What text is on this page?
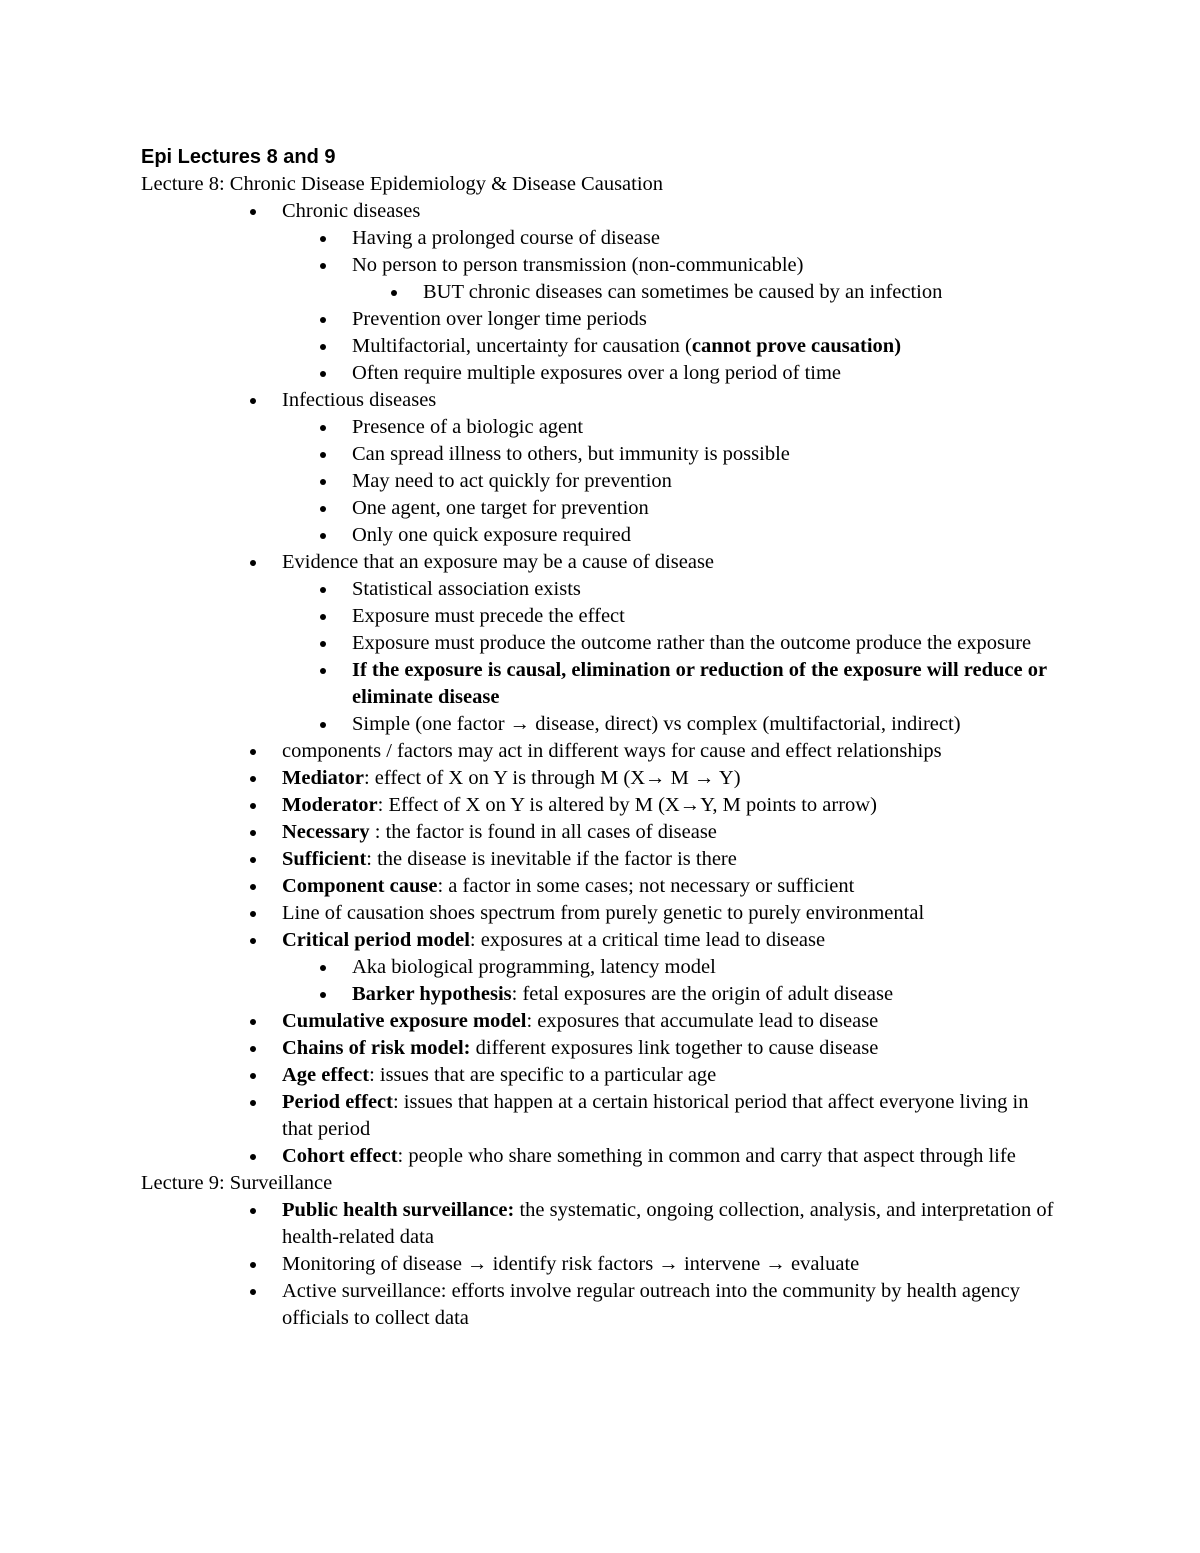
Epi Lectures 8 and 9

Lecture 8: Chronic Disease Epidemiology & Disease Causation

Chronic diseases
Having a prolonged course of disease
No person to person transmission (non-communicable)
BUT chronic diseases can sometimes be caused by an infection
Prevention over longer time periods
Multifactorial, uncertainty for causation (cannot prove causation)
Often require multiple exposures over a long period of time
Infectious diseases
Presence of a biologic agent
Can spread illness to others, but immunity is possible
May need to act quickly for prevention
One agent, one target for prevention
Only one quick exposure required
Evidence that an exposure may be a cause of disease
Statistical association exists
Exposure must precede the effect
Exposure must produce the outcome rather than the outcome produce the exposure
If the exposure is causal, elimination or reduction of the exposure will reduce or eliminate disease
Simple (one factor → disease, direct) vs complex (multifactorial, indirect)
components / factors may act in different ways for cause and effect relationships
Mediator: effect of X on Y is through M (X→ M → Y)
Moderator: Effect of X on Y is altered by M (X→Y, M points to arrow)
Necessary : the factor is found in all cases of disease
Sufficient: the disease is inevitable if the factor is there
Component cause: a factor in some cases; not necessary or sufficient
Line of causation shoes spectrum from purely genetic to purely environmental
Critical period model: exposures at a critical time lead to disease
Aka biological programming, latency model
Barker hypothesis: fetal exposures are the origin of adult disease
Cumulative exposure model: exposures that accumulate lead to disease
Chains of risk model: different exposures link together to cause disease
Age effect: issues that are specific to a particular age
Period effect: issues that happen at a certain historical period that affect everyone living in that period
Cohort effect: people who share something in common and carry that aspect through life

Lecture 9: Surveillance

Public health surveillance: the systematic, ongoing collection, analysis, and interpretation of health-related data
Monitoring of disease → identify risk factors → intervene → evaluate
Active surveillance: efforts involve regular outreach into the community by health agency officials to collect data
